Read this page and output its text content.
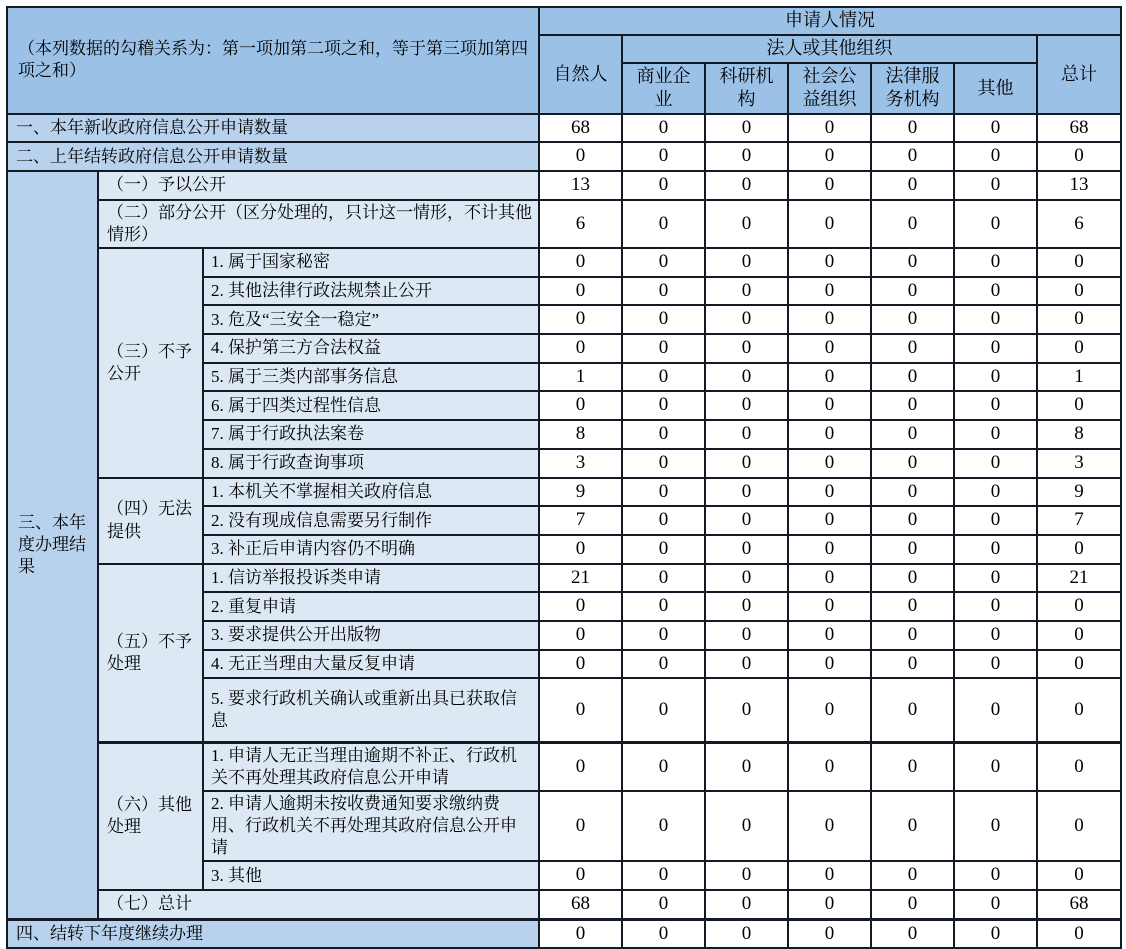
（本列数据的勾稽关系为：第一项加第二项之和，等于第三项加第四项之和）			申请人情况						
			自然人	法人或其他组织					总计
				商业企业	科研机构	社会公益组织	法律服务机构	其他	
一、本年新收政府信息公开申请数量			68	0	0	0	0	0	68
二、上年结转政府信息公开申请数量			0	0	0	0	0	0	0
三、本年度办理结果	（一）予以公开		13	0	0	0	0	0	13
	（二）部分公开（区分处理的，只计这一情形，不计其他情形）		6	0	0	0	0	0	6
	（三）不予公开	1. 属于国家秘密	0	0	0	0	0	0	0
		2. 其他法律行政法规禁止公开	0	0	0	0	0	0	0
		3. 危及“三安全一稳定”	0	0	0	0	0	0	0
		4. 保护第三方合法权益	0	0	0	0	0	0	0
		5. 属于三类内部事务信息	1	0	0	0	0	0	1
		6. 属于四类过程性信息	0	0	0	0	0	0	0
		7. 属于行政执法案卷	8	0	0	0	0	0	8
		8. 属于行政查询事项	3	0	0	0	0	0	3
	（四）无法提供	1. 本机关不掌握相关政府信息	9	0	0	0	0	0	9
		2. 没有现成信息需要另行制作	7	0	0	0	0	0	7
		3. 补正后申请内容仍不明确	0	0	0	0	0	0	0
	（五）不予处理	1. 信访举报投诉类申请	21	0	0	0	0	0	21
		2. 重复申请	0	0	0	0	0	0	0
		3. 要求提供公开出版物	0	0	0	0	0	0	0
		4. 无正当理由大量反复申请	0	0	0	0	0	0	0
		5. 要求行政机关确认或重新出具已获取信息	0	0	0	0	0	0	0
	（六）其他处理	1. 申请人无正当理由逾期不补正、行政机关不再处理其政府信息公开申请	0	0	0	0	0	0	0
		2. 申请人逾期未按收费通知要求缴纳费用、行政机关不再处理其政府信息公开申请	0	0	0	0	0	0	0
		3. 其他	0	0	0	0	0	0	0
	（七）总计		68	0	0	0	0	0	68
四、结转下年度继续办理			0	0	0	0	0	0	0
